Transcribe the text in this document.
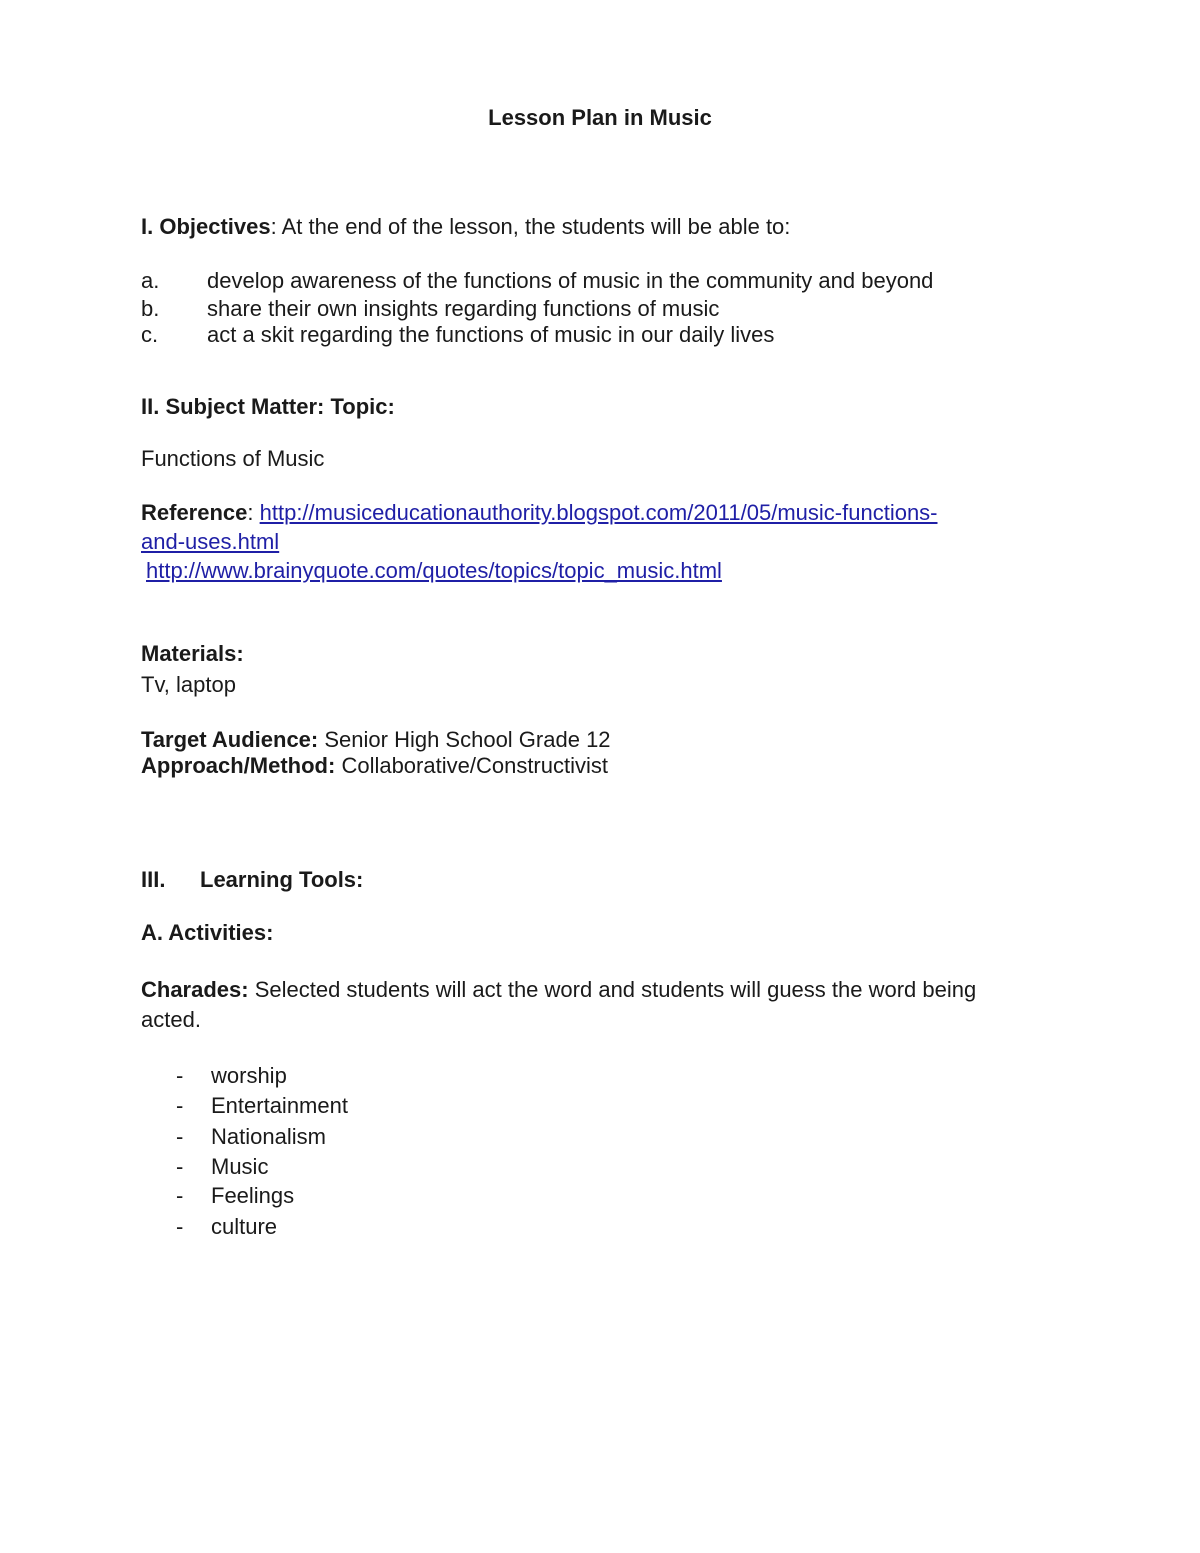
Lesson Plan in Music
I. Objectives: At the end of the lesson, the students will be able to:
a. develop awareness of the functions of music in the community and beyond
b. share their own insights regarding functions of music
c. act a skit regarding the functions of music in our daily lives
II. Subject Matter: Topic:
Functions of Music
Reference: http://musiceducationauthority.blogspot.com/2011/05/music-functions-
and-uses.html
http://www.brainyquote.com/quotes/topics/topic_music.html
Materials:
Tv, laptop
Target Audience: Senior High School Grade 12
Approach/Method: Collaborative/Constructivist
III. Learning Tools:
A. Activities:
Charades: Selected students will act the word and students will guess the word being
acted.
- worship
- Entertainment
- Nationalism
- Music
- Feelings
- culture
